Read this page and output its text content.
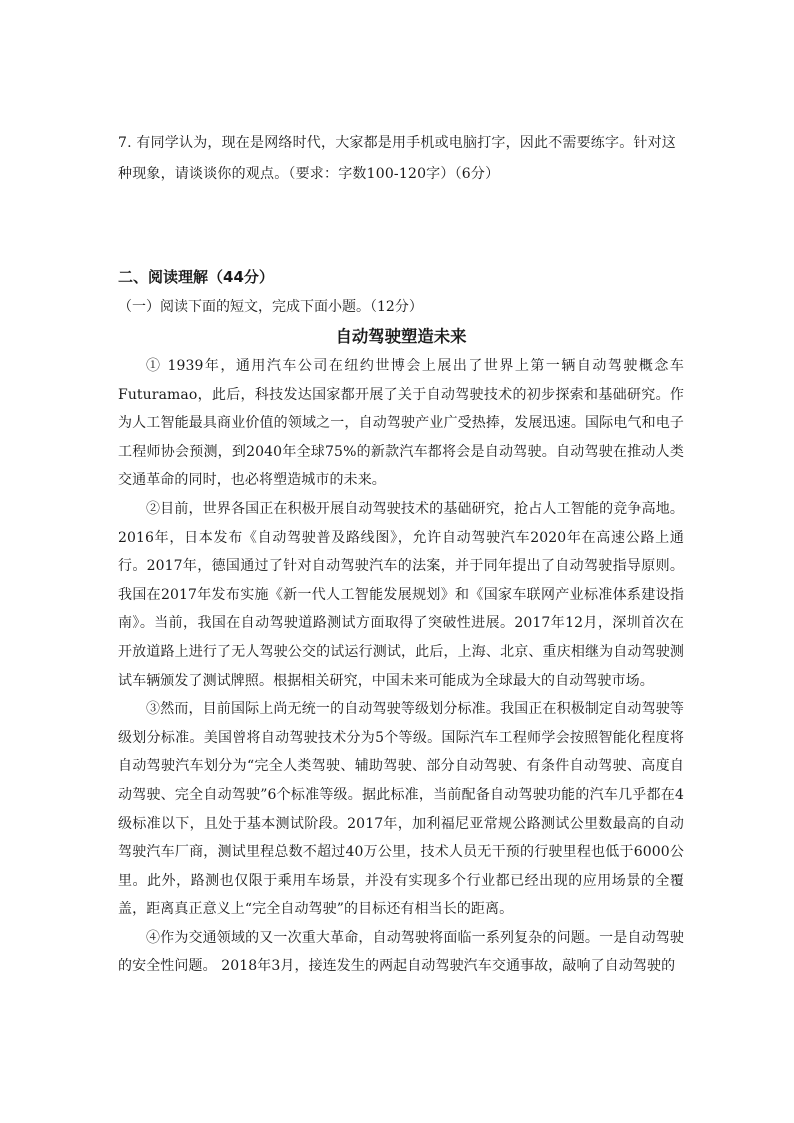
7. 有同学认为，现在是网络时代，大家都是用手机或电脑打字，因此不需要练字。针对这种现象，请谈谈你的观点。（要求：字数100-120字）（6分）

二、阅读理解（44分）

（一）阅读下面的短文，完成下面小题。（12分）

自动驾驶塑造未来

① 1939年，通用汽车公司在纽约世博会上展出了世界上第一辆自动驾驶概念车Futuramao，此后，科技发达国家都开展了关于自动驾驶技术的初步探索和基础研究。作为人工智能最具商业价值的领域之一，自动驾驶产业广受热捧，发展迅速。国际电气和电子工程师协会预测，到2040年全球75%的新款汽车都将会是自动驾驶。自动驾驶在推动人类交通革命的同时，也必将塑造城市的未来。

②目前，世界各国正在积极开展自动驾驶技术的基础研究，抢占人工智能的竞争高地。2016年，日本发布《自动驾驶普及路线图》，允许自动驾驶汽车2020年在高速公路上通行。2017年，德国通过了针对自动驾驶汽车的法案，并于同年提出了自动驾驶指导原则。我国在2017年发布实施《新一代人工智能发展规划》和《国家车联网产业标准体系建设指南》。当前，我国在自动驾驶道路测试方面取得了突破性进展。2017年12月，深圳首次在开放道路上进行了无人驾驶公交的试运行测试，此后，上海、北京、重庆相继为自动驾驶测试车辆颁发了测试牌照。根据相关研究，中国未来可能成为全球最大的自动驾驶市场。

③然而，目前国际上尚无统一的自动驾驶等级划分标准。我国正在积极制定自动驾驶等级划分标准。美国曾将自动驾驶技术分为5个等级。国际汽车工程师学会按照智能化程度将自动驾驶汽车划分为“完全人类驾驶、辅助驾驶、部分自动驾驶、有条件自动驾驶、高度自动驾驶、完全自动驾驶”6个标准等级。据此标准，当前配备自动驾驶功能的汽车几乎都在4级标准以下，且处于基本测试阶段。2017年，加利福尼亚常规公路测试公里数最高的自动驾驶汽车厂商，测试里程总数不超过40万公里，技术人员无干预的行驶里程也低于6000公里。此外，路测也仅限于乘用车场景，并没有实现多个行业都已经出现的应用场景的全覆盖，距离真正意义上“完全自动驾驶”的目标还有相当长的距离。

④作为交通领域的又一次重大革命，自动驾驶将面临一系列复杂的问题。一是自动驾驶的安全性问题。 2018年3月，接连发生的两起自动驾驶汽车交通事故，敲响了自动驾驶的
